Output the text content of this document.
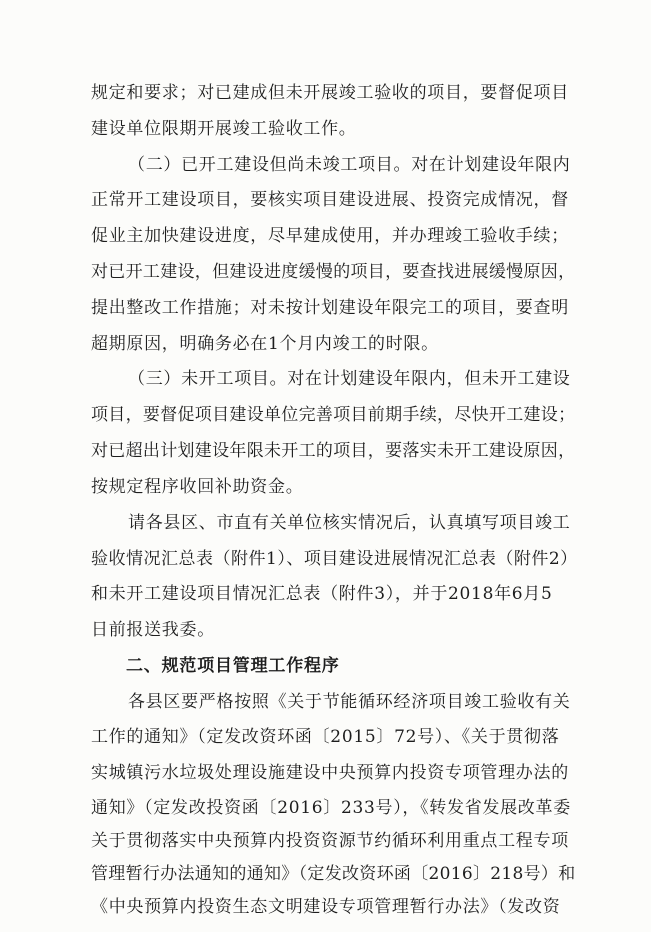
规定和要求；对已建成但未开展竣工验收的项目，要督促项目
建设单位限期开展竣工验收工作。
（二）已开工建设但尚未竣工项目。对在计划建设年限内
正常开工建设项目，要核实项目建设进展、投资完成情况，督
促业主加快建设进度，尽早建成使用，并办理竣工验收手续；
对已开工建设，但建设进度缓慢的项目，要查找进展缓慢原因，
提出整改工作措施；对未按计划建设年限完工的项目，要查明
超期原因，明确务必在1个月内竣工的时限。
（三）未开工项目。对在计划建设年限内，但未开工建设
项目，要督促项目建设单位完善项目前期手续，尽快开工建设；
对已超出计划建设年限未开工的项目，要落实未开工建设原因，
按规定程序收回补助资金。
请各县区、市直有关单位核实情况后，认真填写项目竣工
验收情况汇总表（附件1）、项目建设进展情况汇总表（附件2）
和未开工建设项目情况汇总表（附件3），并于2018年6月5
日前报送我委。
二、规范项目管理工作程序
各县区要严格按照《关于节能循环经济项目竣工验收有关
工作的通知》（定发改资环函〔2015〕72号）、《关于贯彻落
实城镇污水垃圾处理设施建设中央预算内投资专项管理办法的
通知》（定发改投资函〔2016〕233号），《转发省发展改革委
关于贯彻落实中央预算内投资资源节约循环利用重点工程专项
管理暂行办法通知的通知》（定发改资环函〔2016〕218号）和
《中央预算内投资生态文明建设专项管理暂行办法》（发改资
